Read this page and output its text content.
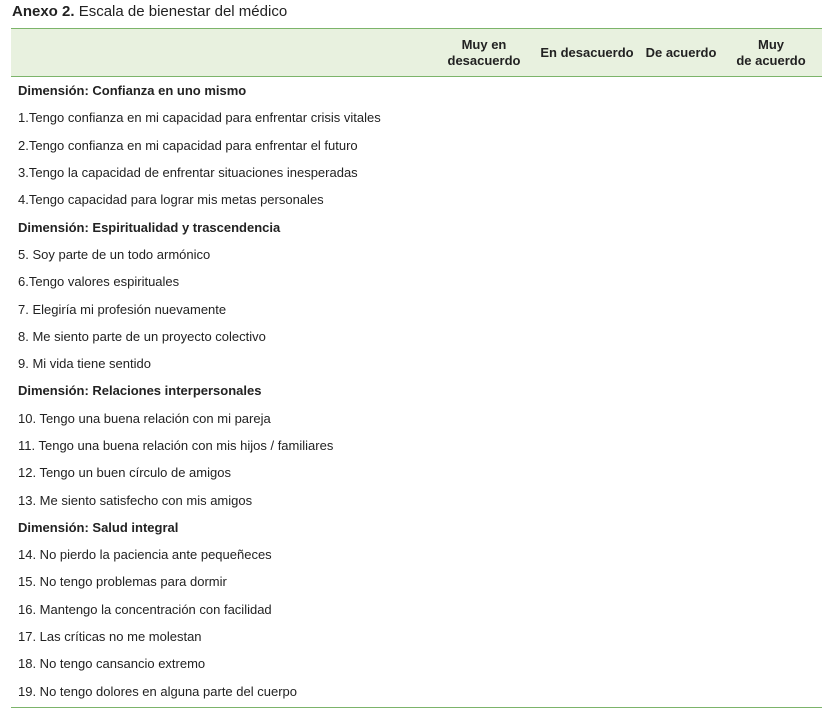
Anexo 2. Escala de bienestar del médico
Muy en
desacuerdo
En desacuerdo De acuerdo
Muy
de acuerdo
Dimensión: Confianza en uno mismo
1.Tengo confianza en mi capacidad para enfrentar crisis vitales
2.Tengo confianza en mi capacidad para enfrentar el futuro
3.Tengo la capacidad de enfrentar situaciones inesperadas
4.Tengo capacidad para lograr mis metas personales
Dimensión: Espiritualidad y trascendencia
5. Soy parte de un todo armónico
6.Tengo valores espirituales
7. Elegiría mi profesión nuevamente
8. Me siento parte de un proyecto colectivo
9. Mi vida tiene sentido
Dimensión: Relaciones interpersonales
10. Tengo una buena relación con mi pareja
11. Tengo una buena relación con mis hijos / familiares
12. Tengo un buen círculo de amigos
13. Me siento satisfecho con mis amigos
Dimensión: Salud integral
14. No pierdo la paciencia ante pequeñeces
15. No tengo problemas para dormir
16. Mantengo la concentración con facilidad
17. Las críticas no me molestan
18. No tengo cansancio extremo
19. No tengo dolores en alguna parte del cuerpo
